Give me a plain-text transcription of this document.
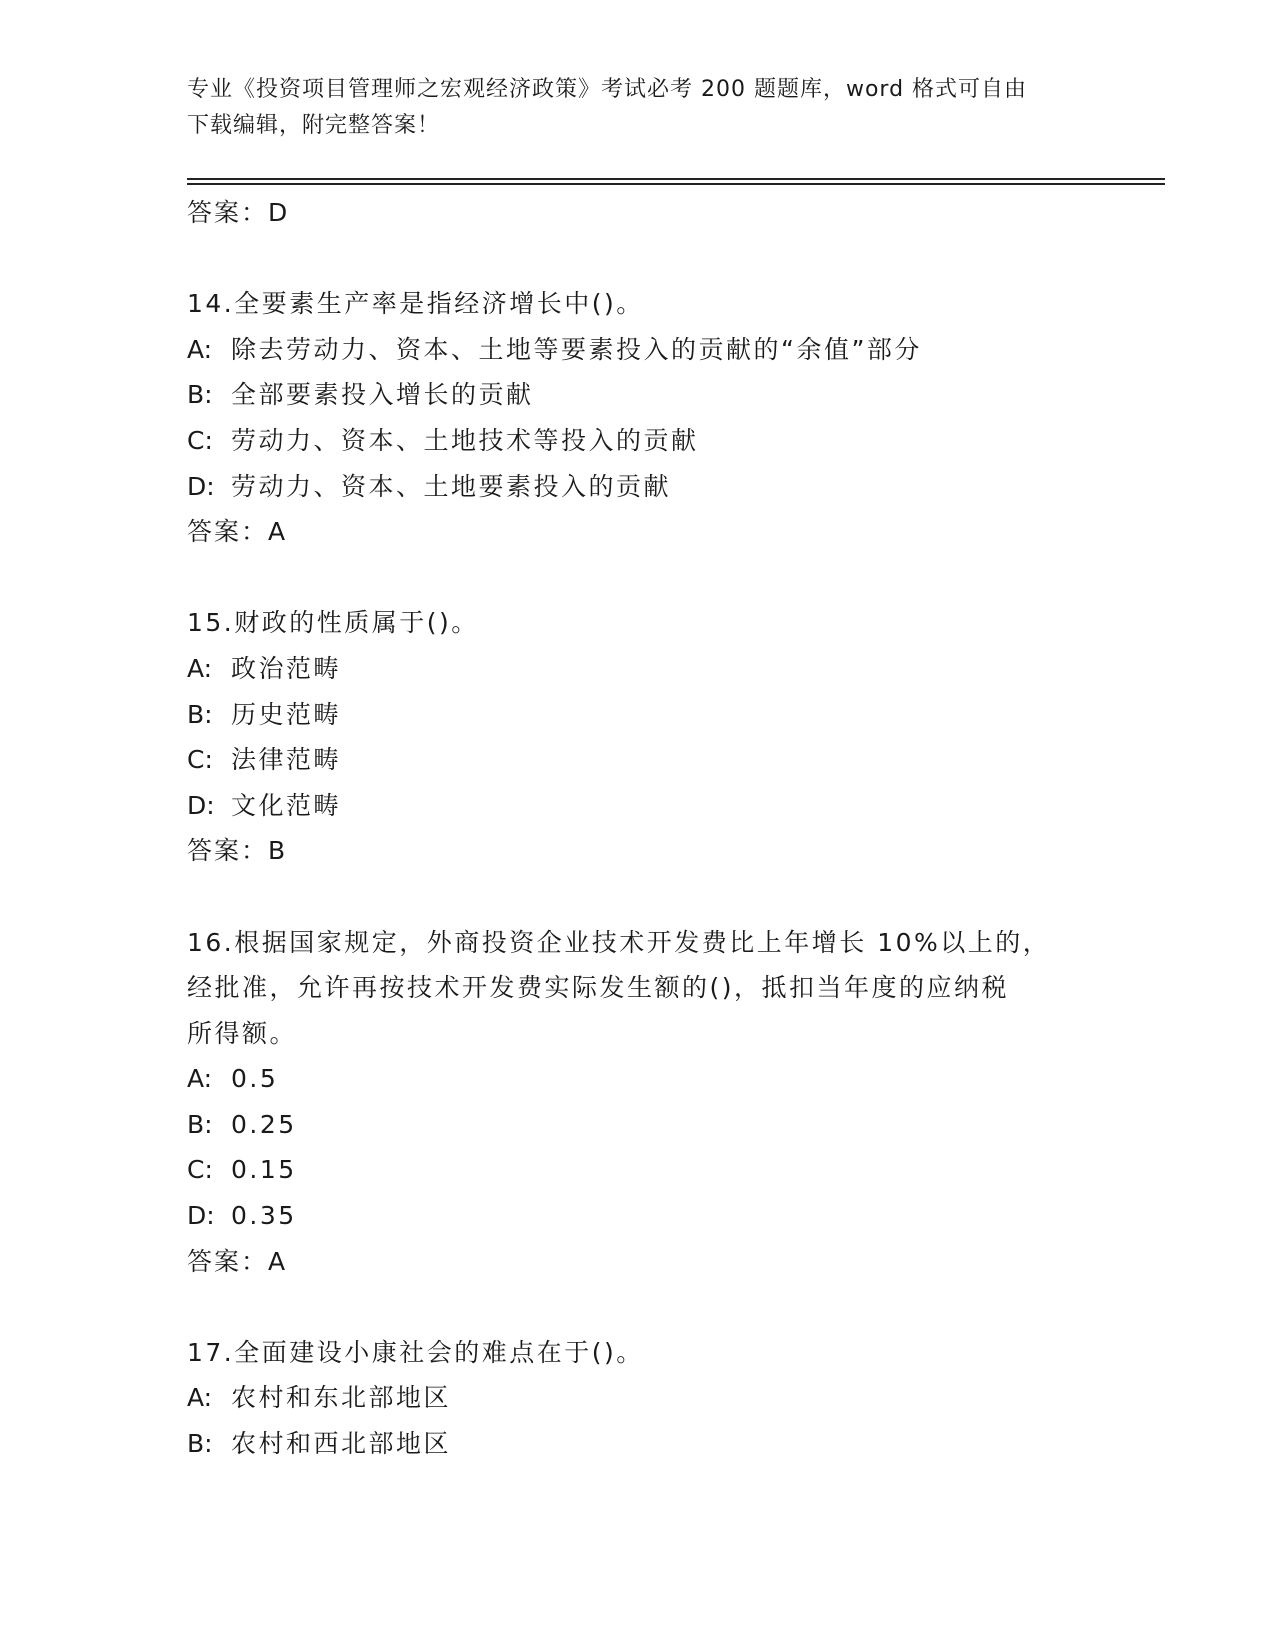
专业《投资项目管理师之宏观经济政策》考试必考 200 题题库，word 格式可自由
下载编辑，附完整答案！
答案：D
14.全要素生产率是指经济增长中()。
A: 除去劳动力、资本、土地等要素投入的贡献的“余值”部分
B: 全部要素投入增长的贡献
C: 劳动力、资本、土地技术等投入的贡献
D: 劳动力、资本、土地要素投入的贡献
答案：A
15.财政的性质属于()。
A: 政治范畴
B: 历史范畴
C: 法律范畴
D: 文化范畴
答案：B
16.根据国家规定，外商投资企业技术开发费比上年增长 10%以上的，
经批准，允许再按技术开发费实际发生额的()，抵扣当年度的应纳税
所得额。
A: 0.5
B: 0.25
C: 0.15
D: 0.35
答案：A
17.全面建设小康社会的难点在于()。
A: 农村和东北部地区
B: 农村和西北部地区
